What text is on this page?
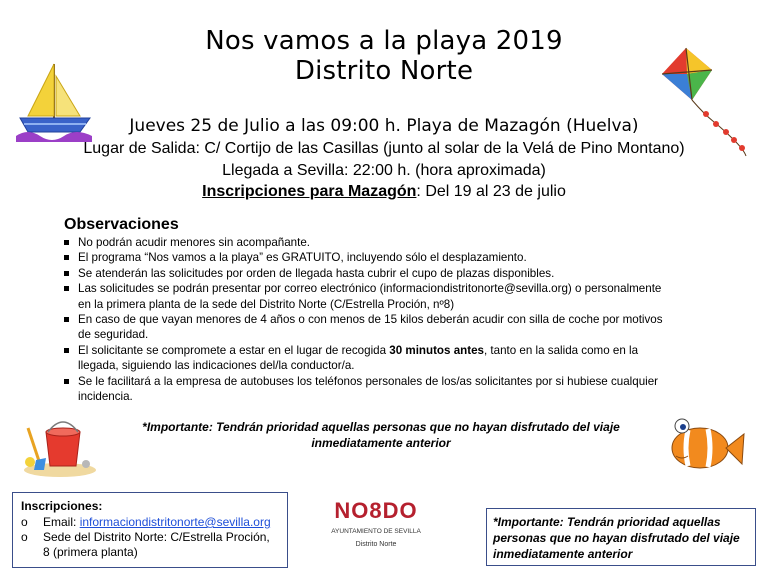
Nos vamos a la playa 2019
Distrito Norte
Jueves 25 de Julio a las 09:00 h. Playa de Mazagón (Huelva)
Lugar de Salida: C/ Cortijo de las Casillas (junto al solar de la Velá de Pino Montano)
Llegada a Sevilla: 22:00 h. (hora aproximada)
Inscripciones para Mazagón: Del 19 al 23 de julio
Observaciones
No podrán acudir menores sin acompañante.
El programa “Nos vamos a la playa” es GRATUITO, incluyendo sólo el desplazamiento.
Se atenderán las solicitudes por orden de llegada hasta cubrir el cupo de plazas disponibles.
Las solicitudes se podrán presentar por correo electrónico (informaciondistritonorte@sevilla.org) o personalmente en la primera planta de la sede del Distrito Norte (C/Estrella Proción, nº8)
En caso de que vayan menores de 4 años o con menos de 15 kilos deberán acudir con silla de coche por motivos de seguridad.
El solicitante se compromete a estar en el lugar de recogida 30 minutos antes, tanto en la salida como en la llegada, siguiendo las indicaciones del/la conductor/a.
Se le facilitará a la empresa de autobuses los teléfonos personales de los/as solicitantes por si hubiese cualquier incidencia.
*Importante: Tendrán prioridad aquellas personas que no hayan disfrutado del viaje inmediatamente anterior
Inscripciones:
o Email: informaciondistritonorte@sevilla.org
o Sede del Distrito Norte: C/Estrella Proción, 8 (primera planta)
NO8DO
AYUNTAMIENTO DE SEVILLA
Distrito Norte
*Importante: Tendrán prioridad aquellas personas que no hayan disfrutado del viaje inmediatamente anterior
